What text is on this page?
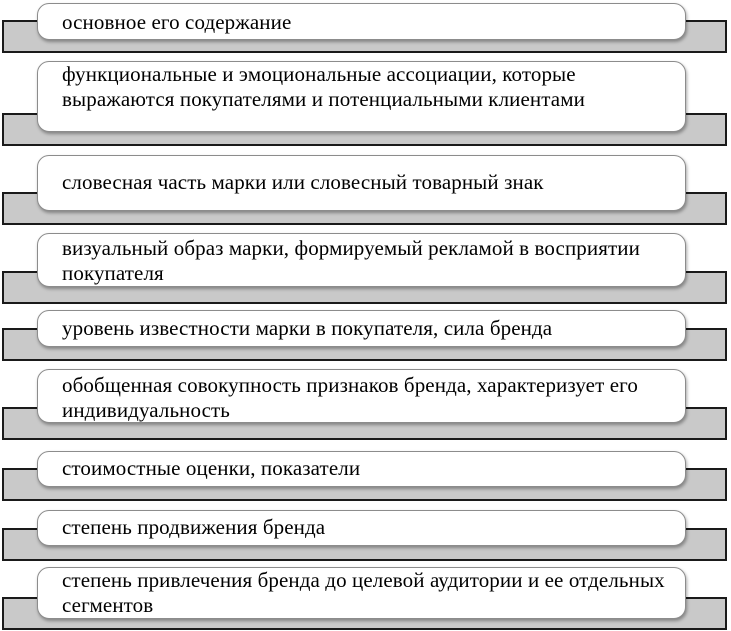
основное его содержание
функциональные и эмоциональные ассоциации, которые выражаются покупателями и потенциальными клиентами
словесная часть марки или словесный товарный знак
визуальный образ марки, формируемый рекламой в восприятии покупателя
уровень известности марки в покупателя, сила бренда
обобщенная совокупность признаков бренда, характеризует его индивидуальность
стоимостные оценки, показатели
степень продвижения бренда
степень привлечения бренда до целевой аудитории и ее отдельных сегментов
